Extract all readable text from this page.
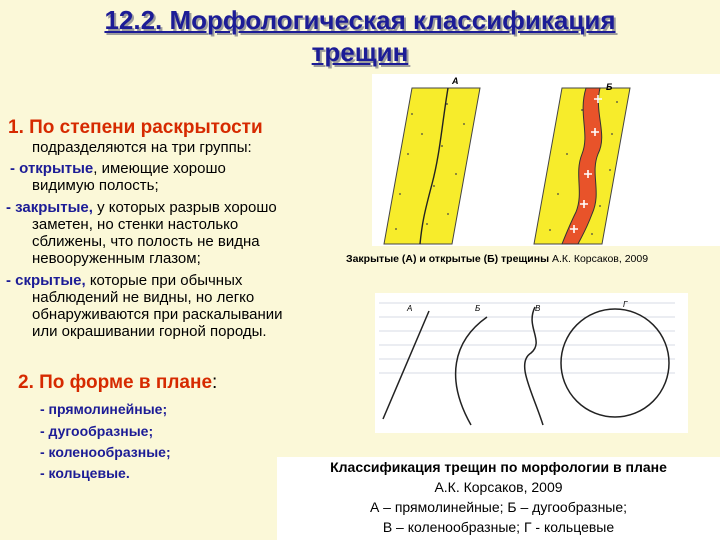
12.2. Морфологическая классификация
трещин
1. По степени раскрытости
подразделяются на три группы:
- открытые, имеющие хорошо
видимую полость;
- закрытые, у которых разрыв хорошо
заметен, но стенки настолько
сближены, что полость не видна
невооруженным глазом;
- скрытые, которые при обычных
наблюдений не видны, но легко
обнаруживаются при раскалывании
или окрашивании горной породы.
2. По форме в плане:
- прямолинейные;
- дугообразные;
- коленообразные;
- кольцевые.
А
Б
Закрытые (А) и открытые (Б) трещины А.К. Корсаков, 2009
А	Б	В	Г
Классификация трещин по морфологии в плане
А.К. Корсаков, 2009
А – прямолинейные; Б – дугообразные;
В – коленообразные; Г - кольцевые
